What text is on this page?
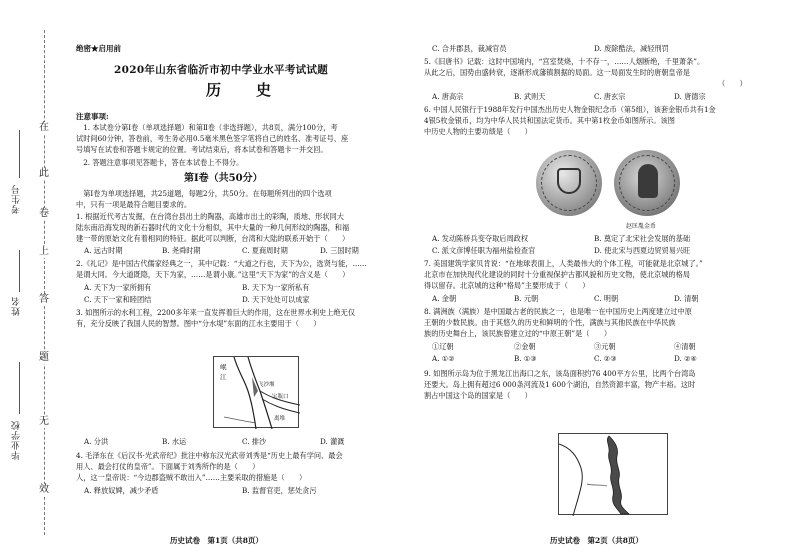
在
此
卷
上
答
题
无
效
考生号
姓名
毕业学校
绝密★启用前
2020年山东省临沂市初中学业水平考试试题
历　史
注意事项:
　1. 本试卷分第Ⅰ卷（单项选择题）和第Ⅱ卷（非选择题），共8页，满分100分，考
试时间60分钟，答卷前，考生务必用0.5毫米黑色签字笔将自己的姓名、准考证号、座
号填写在试卷和答题卡规定的位置。考试结束后，将本试卷和答题卡一并交回。
　2. 答题注意事项见答题卡，答在本试卷上不得分。
第Ⅰ卷（共50分）
　第Ⅰ卷为单项选择题，共25道题，每题2分，共50分。在每题所列出的四个选项
中，只有一项是最符合题目要求的。
1. 根据近代考古发掘，在台湾台县出土的陶器，高雄市出土的彩陶，质地、形状同大
陆东南沿海发现的新石器时代的文化十分相似，其中大量的一种几何形纹的陶器，和福
建一带的原始文化有着相同的特征。据此可以判断，台湾和大陆的联系开始于（　　）
A. 远古时期	B. 尧舜时期	C. 夏商周时期	D. 三国时期
2.《礼记》是中国古代儒家经典之一，其中记载：“大道之行也，天下为公，选贤与能，……
是谓大同。今大道既隐，天下为家，……是谓小康。”这里“天下为家”的含义是（　　）
A. 天下为一家所拥有	B. 天下为一家所私有
C. 天下一家和睦团结	D. 天下处处可以成家
3. 如图所示的水利工程，2200多年来一直发挥着巨大的作用，这在世界水利史上绝无仅
有，充分反映了我国人民的智慧。图中“分水堤”东面的江水主要用于（　　）
岷
江
飞沙堰
宝瓶口
离堆
A. 分洪	B. 水运	C. 排沙	D. 灌溉
4. 毛泽东在《后汉书·光武帝纪》批注中称东汉光武帝刘秀是“历史上最有学问、最会
用人、最会打仗的皇帝”。下面属于刘秀所作的是（　　）
人，这一皇帝说：“今边郡盗贼不敢出入”……主要采取的措施是（　　）
A. 释放奴婢，减少矛盾	B. 监督官吏，惩处贪污
历史试卷　第1页（共8页）
C. 合并郡县，裁减官员	D. 废除酷法，减轻刑罚
5.《旧唐书》记载：这时中国境内，“宫室焚烧，十不存一，……人烟断绝，千里萧条”。
从此之后，国势由盛转衰，逐渐形成藩镇割据的局面。这一局面发生时的唐朝皇帝是
（　　）
A. 唐高宗	B. 武则天	C. 唐玄宗	D. 唐德宗
6. 中国人民银行于1988年发行中国杰出历史人物金银纪念币（第5组），该套金银币共有1金
4银5枚金银币，均为中华人民共和国法定货币。其中第1枚金币如图所示。该图
中历史人物的主要功绩是（　　）
赵匡胤金币
A. 发动陈桥兵变夺取后周政权	B. 奠定了北宋社会发展的基础
C. 派文彦博任职为福州盐检查官	D. 使北宋与西夏边贸贸易兴旺
7. 美国建筑学家贝肯说：“在地球表面上，人类最伟大的个体工程，可能就是北京城了。”
北京市在加快现代化建设的同时十分重视保护古都风貌和历史文物，使北京城的格局
得以留存。北京城的这种“格局”主要形成于（　　）
A. 金朝	B. 元朝	C. 明朝	D. 清朝
8. 满洲族（满族）是中国最古老的民族之一，也是唯一在中国历史上两度建立过中原
王朝的少数民族。由于其悠久的历史和鲜明的个性，满族与其他民族在中华民族
族的历史舞台上，该民族曾建立过的“中原王朝”是（　　）
①辽朝	②金朝	③元朝	④清朝
A. ①②	B. ①③	C. ②③	D. ②④
9. 如图所示岛为位于黑龙江出海口之东，该岛面积约76 400平方公里，比两个台湾岛
还要大。岛上拥有超过6 000条河流及1 600个湖泊，自然资源丰富，物产丰裕。这时
割占中国这个岛的国家是（　　）
历史试卷　第2页（共8页）
